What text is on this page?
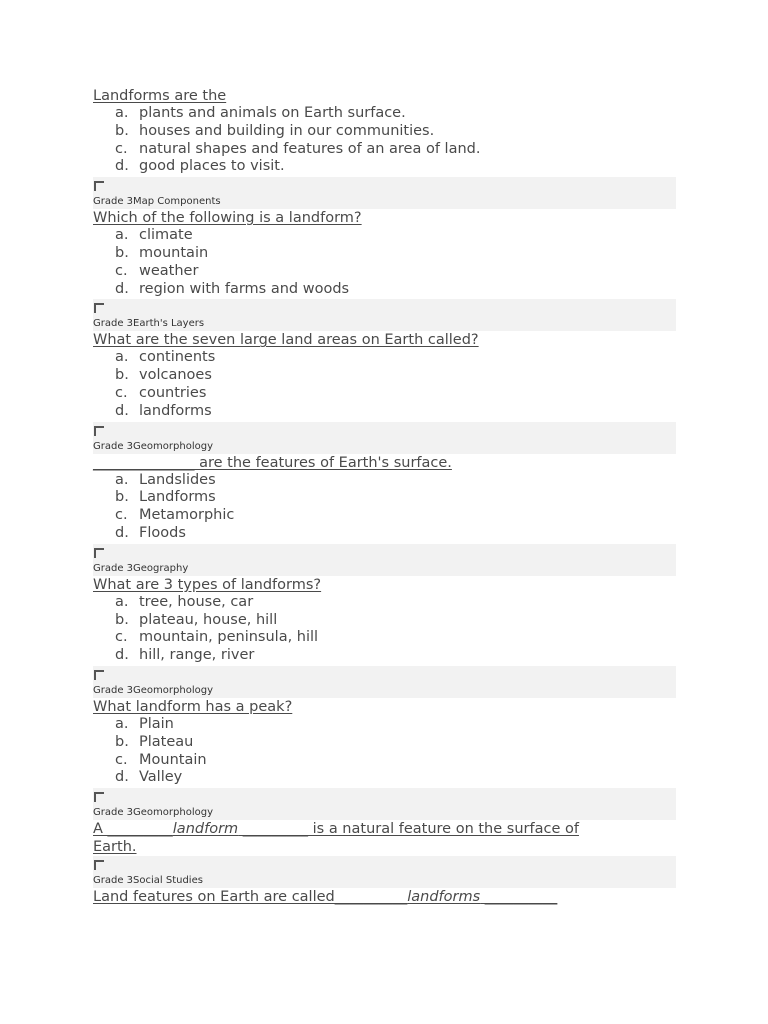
Landforms are the
a. plants and animals on Earth surface.
b. houses and building in our communities.
c. natural shapes and features of an area of land.
d. good places to visit.
Grade 3Map Components
Which of the following is a landform?
a. climate
b. mountain
c. weather
d. region with farms and woods
Grade 3Earth's Layers
What are the seven large land areas on Earth called?
a. continents
b. volcanoes
c. countries
d. landforms
Grade 3Geomorphology
______________ are the features of Earth's surface.
a. Landslides
b. Landforms
c. Metamorphic
d. Floods
Grade 3Geography
What are 3 types of landforms?
a. tree, house, car
b. plateau, house, hill
c. mountain, peninsula, hill
d. hill, range, river
Grade 3Geomorphology
What landform has a peak?
a. Plain
b. Plateau
c. Mountain
d. Valley
Grade 3Geomorphology
A _________landform _________ is a natural feature on the surface of
Earth.
Grade 3Social Studies
Land features on Earth are called__________landforms __________
